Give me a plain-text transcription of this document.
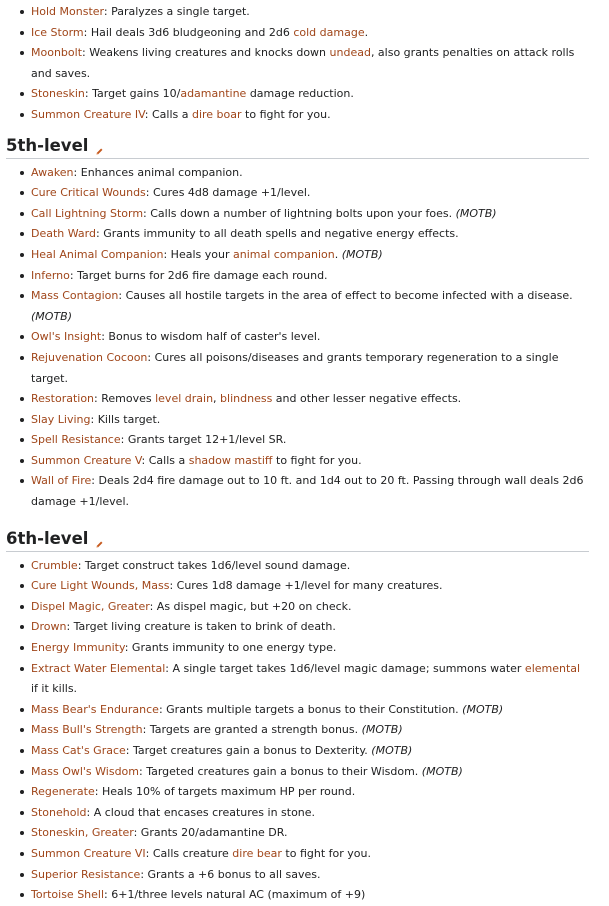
Hold Monster: Paralyzes a single target.
Ice Storm: Hail deals 3d6 bludgeoning and 2d6 cold damage.
Moonbolt: Weakens living creatures and knocks down undead, also grants penalties on attack rolls and saves.
Stoneskin: Target gains 10/adamantine damage reduction.
Summon Creature IV: Calls a dire boar to fight for you.
5th-level
Awaken: Enhances animal companion.
Cure Critical Wounds: Cures 4d8 damage +1/level.
Call Lightning Storm: Calls down a number of lightning bolts upon your foes. (MOTB)
Death Ward: Grants immunity to all death spells and negative energy effects.
Heal Animal Companion: Heals your animal companion. (MOTB)
Inferno: Target burns for 2d6 fire damage each round.
Mass Contagion: Causes all hostile targets in the area of effect to become infected with a disease. (MOTB)
Owl's Insight: Bonus to wisdom half of caster's level.
Rejuvenation Cocoon: Cures all poisons/diseases and grants temporary regeneration to a single target.
Restoration: Removes level drain, blindness and other lesser negative effects.
Slay Living: Kills target.
Spell Resistance: Grants target 12+1/level SR.
Summon Creature V: Calls a shadow mastiff to fight for you.
Wall of Fire: Deals 2d4 fire damage out to 10 ft. and 1d4 out to 20 ft. Passing through wall deals 2d6 damage +1/level.
6th-level
Crumble: Target construct takes 1d6/level sound damage.
Cure Light Wounds, Mass: Cures 1d8 damage +1/level for many creatures.
Dispel Magic, Greater: As dispel magic, but +20 on check.
Drown: Target living creature is taken to brink of death.
Energy Immunity: Grants immunity to one energy type.
Extract Water Elemental: A single target takes 1d6/level magic damage; summons water elemental if it kills.
Mass Bear's Endurance: Grants multiple targets a bonus to their Constitution. (MOTB)
Mass Bull's Strength: Targets are granted a strength bonus. (MOTB)
Mass Cat's Grace: Target creatures gain a bonus to Dexterity. (MOTB)
Mass Owl's Wisdom: Targeted creatures gain a bonus to their Wisdom. (MOTB)
Regenerate: Heals 10% of targets maximum HP per round.
Stonehold: A cloud that encases creatures in stone.
Stoneskin, Greater: Grants 20/adamantine DR.
Summon Creature VI: Calls creature dire bear to fight for you.
Superior Resistance: Grants a +6 bonus to all saves.
Tortoise Shell: 6+1/three levels natural AC (maximum of +9)
